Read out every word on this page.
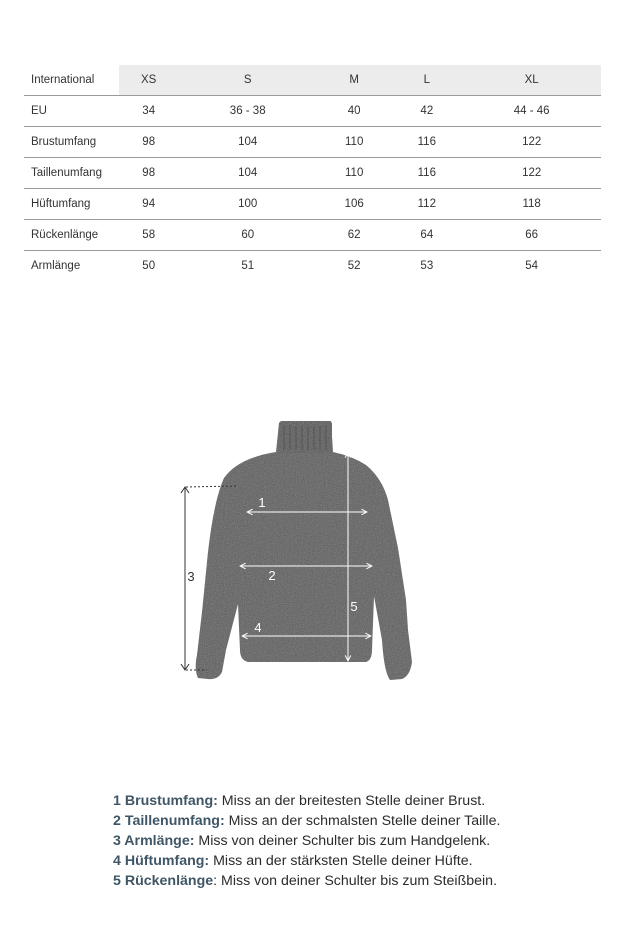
International	XS	S	M	L	XL
EU	34	36 - 38	40	42	44 - 46
Brustumfang	98	104	110	116	122
Taillenumfang	98	104	110	116	122
Hüftumfang	94	100	106	112	118
Rückenlänge	58	60	62	64	66
Armlänge	50	51	52	53	54
1
2
3
4
5
1 Brustumfang: Miss an der breitesten Stelle deiner Brust.
2 Taillenumfang: Miss an der schmalsten Stelle deiner Taille.
3 Armlänge: Miss von deiner Schulter bis zum Handgelenk.
4 Hüftumfang: Miss an der stärksten Stelle deiner Hüfte.
5 Rückenlänge: Miss von deiner Schulter bis zum Steißbein.
